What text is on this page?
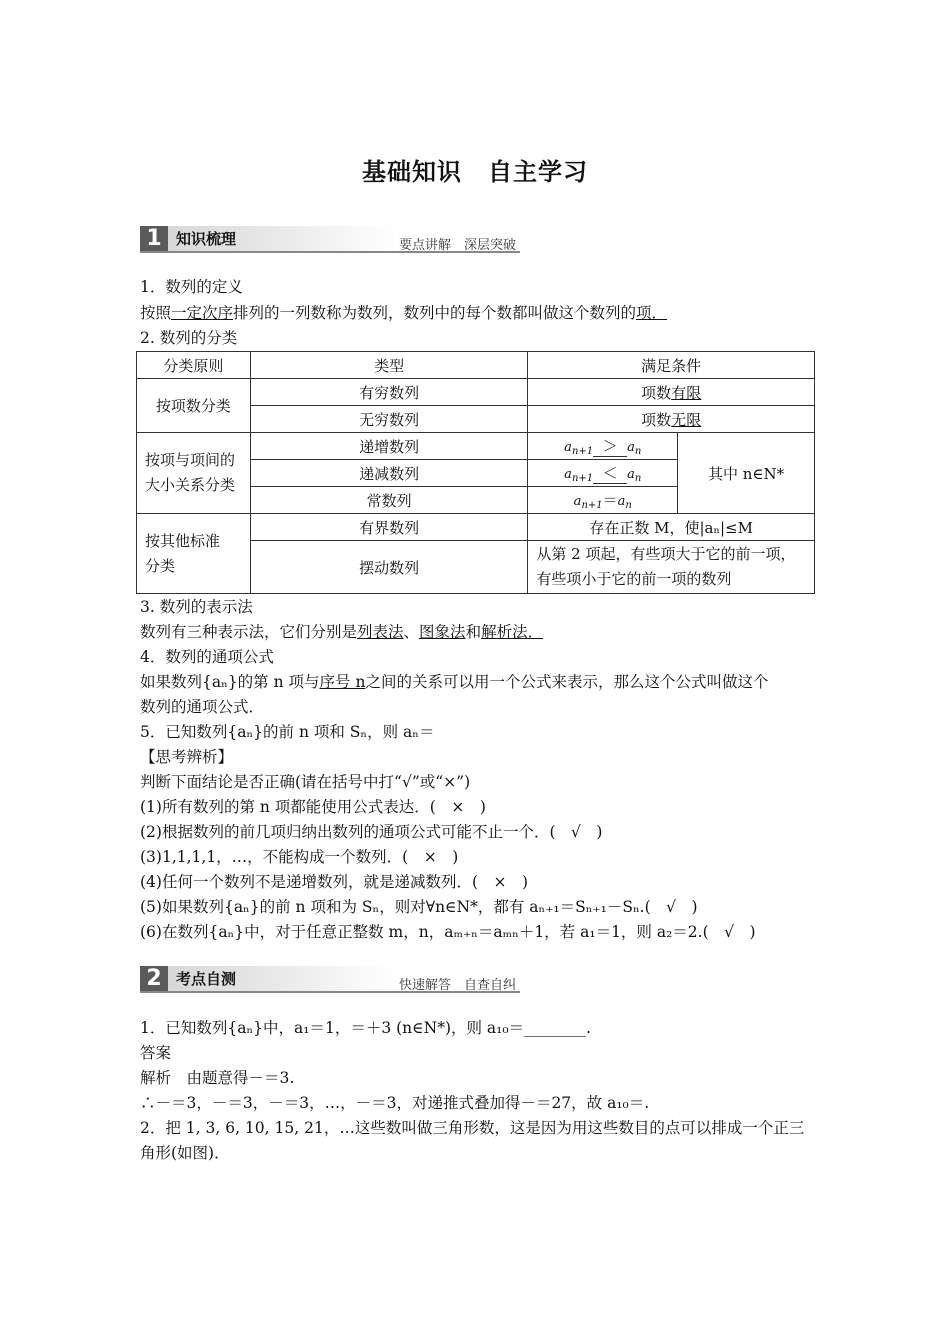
基础知识 自主学习
知识梳理
1	要点讲解　深层突破
1．数列的定义
按照一定次序排列的一列数称为数列，数列中的每个数都叫做这个数列的项．
2. 数列的分类
分类原则	类型	满足条件	
按项数分类	有穷数列	项数有限	
	无穷数列	项数无限	
按项与项间的大小关系分类	递增数列	$a_{n+1} > a_n$	其中 n∈N*
	递减数列	$a_{n+1} < a_n$
	常数列	$a_{n+1}=a_n$
按其他标准分类	有界数列	存在正数 M，使|aₙ|≤M	
	摆动数列	从第 2 项起，有些项大于它的前一项，有些项小于它的前一项的数列	
3. 数列的表示法
数列有三种表示法，它们分别是列表法、图象法和解析法．
4．数列的通项公式
如果数列{aₙ}的第 n 项与序号 n之间的关系可以用一个公式来表示，那么这个公式叫做这个
数列的通项公式．
5．已知数列{aₙ}的前 n 项和 Sₙ，则 aₙ＝
【思考辨析】
判断下面结论是否正确(请在括号中打“√”或“×”)
(1)所有数列的第 n 项都能使用公式表达．(　×　)
(2)根据数列的前几项归纳出数列的通项公式可能不止一个．(　√　)
(3)1,1,1,1，…，不能构成一个数列．(　×　)
(4)任何一个数列不是递增数列，就是递减数列．(　×　)
(5)如果数列{aₙ}的前 n 项和为 Sₙ，则对∀n∈N*，都有 aₙ₊₁＝Sₙ₊₁－Sₙ.(　√　)
(6)在数列{aₙ}中，对于任意正整数 m，n，aₘ₊ₙ＝aₘₙ＋1，若 a₁＝1，则 a₂＝2.(　√　)
考点自测
2	快速解答　自查自纠
1．已知数列{aₙ}中，a₁＝1，＝＋3 (n∈N*)，则 a₁₀＝________.
答案
解析　由题意得－＝3.
∴－＝3，－＝3，－＝3，…，－＝3，对递推式叠加得－＝27，故 a₁₀＝.
2．把 1, 3, 6, 10, 15, 21，…这些数叫做三角形数，这是因为用这些数目的点可以排成一个正三
角形(如图)．
